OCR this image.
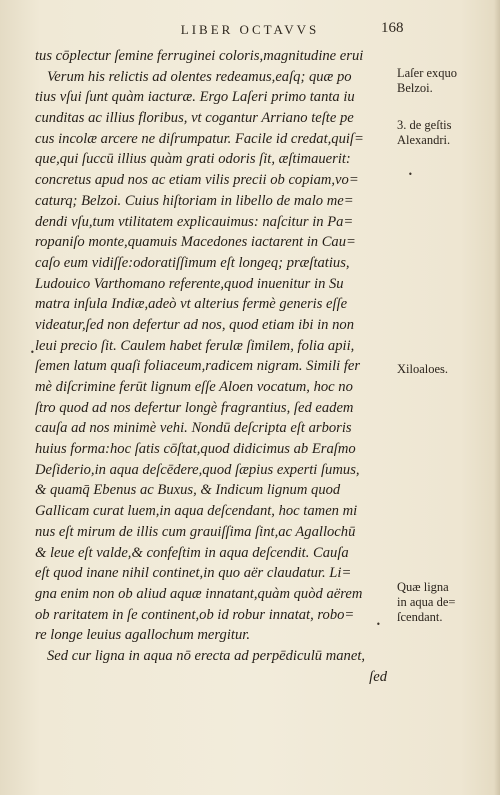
LIBER OCTAVVS	168
tus cōplectur ſemine ferruginei coloris,magnitudine erui
Verum his relictis ad olentes redeamus,eaſq; quæ po
tius vſui ſunt quàm iacturæ. Ergo Laſeri primo tanta iu
cunditas ac illius floribus, vt cogantur Arriano teſte pe
cus incolæ arcere ne diſrumpatur. Facile id credat,quiſ=
que,qui ſuccū illius quàm grati odoris ſit, æſtimauerit:
concretus apud nos ac etiam vilis precii ob copiam,vo=
caturq; Belzoi. Cuius hiſtoriam in libello de malo me=
dendi vſu,tum vtilitatem explicauimus: naſcitur in Pa=
ropaniſo monte,quamuis Macedones iactarent in Cau=
caſo eum vidiſſe:odoratiſſimum eſt longeq; præſtatius,
Ludouico Varthomano referente,quod inuenitur in Su
matra inſula Indiæ,adeò vt alterius fermè generis eſſe
videatur,ſed non defertur ad nos, quod etiam ibi in non
leui precio ſit. Caulem habet ferulæ ſimilem, folia apii,
ſemen latum quaſi foliaceum,radicem nigram. Simili fer
mè diſcrimine ferūt lignum eſſe Aloen vocatum, hoc no
ſtro quod ad nos defertur longè fragrantius, ſed eadem
cauſa ad nos minimè vehi. Nondū deſcripta eſt arboris
huius forma:hoc ſatis cōſtat,quod didicimus ab Eraſmo
Deſiderio,in aqua deſcēdere,quod ſæpius experti ſumus,
& quamq̄ Ebenus ac Buxus, & Indicum lignum quod
Gallicam curat luem,in aqua deſcendant, hoc tamen mi
nus eſt mirum de illis cum grauiſſima ſint,ac Agallochū
& leue eſt valde,& confeſtim in aqua deſcendit. Cauſa
eſt quod inane nihil continet,in quo aër claudatur. Li=
gna enim non ob aliud aquæ innatant,quàm quòd aërem
ob raritatem in ſe continent,ob id robur innatat, robo=
re longe leuius agallochum mergitur.
Sed cur ligna in aqua nō erecta ad perpēdiculū manet,
ſed
Laſer exquo
Belzoi.
3. de geſtis
Alexandri.
Xiloaloes.
Quæ ligna
in aqua de=
ſcendant.
•
•
•
